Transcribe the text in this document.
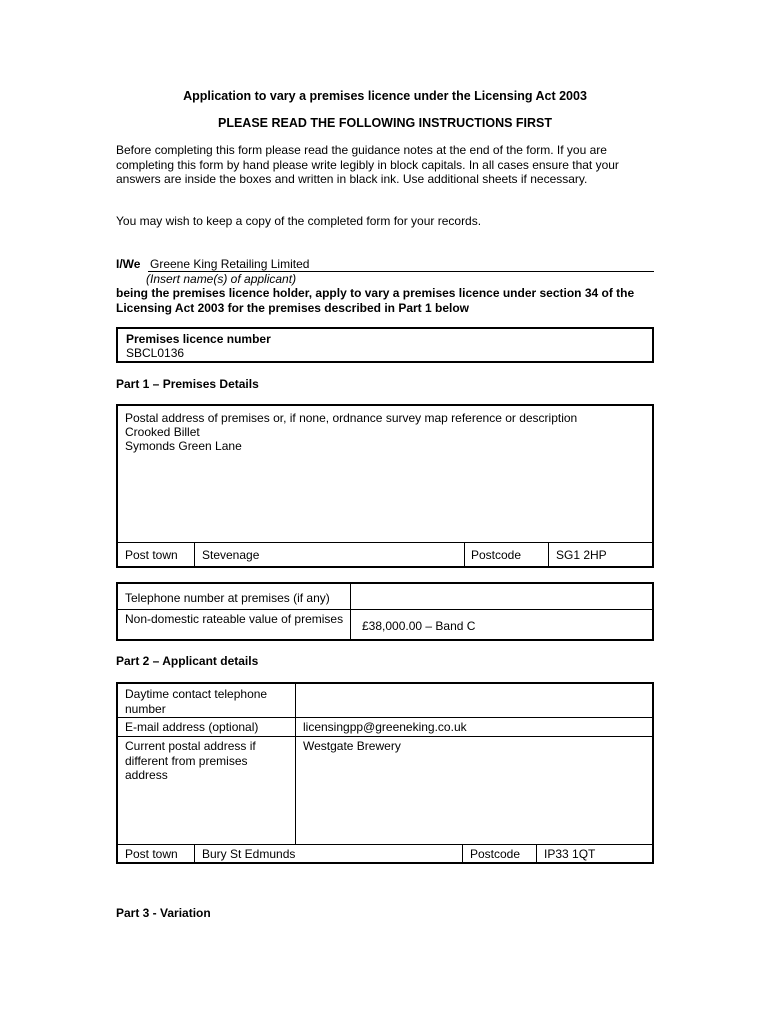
Application to vary a premises licence under the Licensing Act 2003
PLEASE READ THE FOLLOWING INSTRUCTIONS FIRST
Before completing this form please read the guidance notes at the end of the form. If you are completing this form by hand please write legibly in block capitals. In all cases ensure that your answers are inside the boxes and written in black ink. Use additional sheets if necessary.
You may wish to keep a copy of the completed form for your records.
I/We Greene King Retailing Limited
(Insert name(s) of applicant)
being the premises licence holder, apply to vary a premises licence under section 34 of the Licensing Act 2003 for the premises described in Part 1 below
Premises licence number
SBCL0136
Part 1 – Premises Details
Postal address of premises or, if none, ordnance survey map reference or description
Crooked Billet
Symonds Green Lane
Post town Stevenage	Postcode	SG1 2HP
Telephone number at premises (if any)
Non-domestic rateable value of premises £38,000.00 – Band C
Part 2 – Applicant details
Daytime contact telephone number
E-mail address (optional)	licensingpp@greeneking.co.uk
Current postal address if different from premises address
Westgate Brewery
Post town Bury St Edmunds	Postcode IP33 1QT
Part 3 - Variation
